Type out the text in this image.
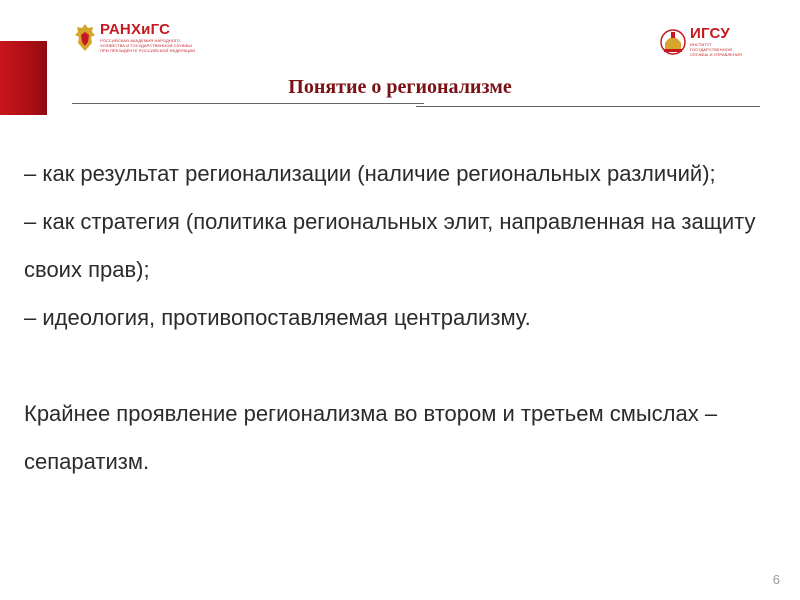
РАНХиГС
РОССИЙСКАЯ АКАДЕМИЯ НАРОДНОГО ХОЗЯЙСТВА И ГОСУДАРСТВЕННОЙ СЛУЖБЫ ПРИ ПРЕЗИДЕНТЕ РОССИЙСКОЙ ФЕДЕРАЦИИ
ИГСУ
ИНСТИТУТ ГОСУДАРСТВЕННОЙ СЛУЖБЫ И УПРАВЛЕНИЯ
Понятие о регионализме

– как результат регионализации (наличие региональных различий);

– как стратегия (политика региональных элит, направленная на защиту своих прав);

– идеология, противопоставляемая централизму.

Крайнее проявление регионализма во втором и третьем смыслах – сепаратизм.

6
